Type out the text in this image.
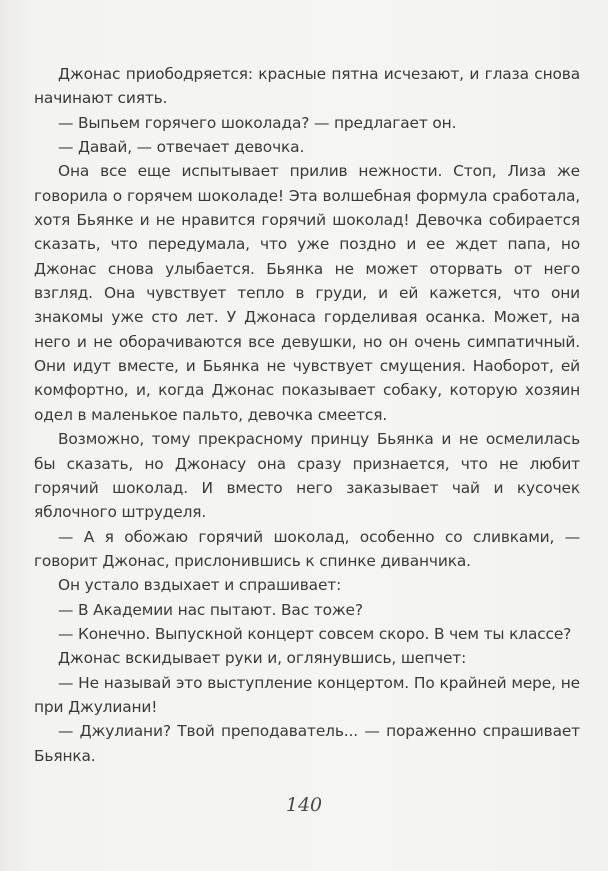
Джонас приободряется: красные пятна исчезают, и глаза снова начинают сиять.

— Выпьем горячего шоколада? — предлагает он.

— Давай, — отвечает девочка.

Она все еще испытывает прилив нежности. Стоп, Лиза же говорила о горячем шоколаде! Эта волшебная формула сработала, хотя Бьянке и не нравится горячий шоколад! Девочка собирается сказать, что передумала, что уже поздно и ее ждет папа, но Джонас снова улыбается. Бьянка не может оторвать от него взгляд. Она чувствует тепло в груди, и ей кажется, что они знакомы уже сто лет. У Джонаса горделивая осанка. Может, на него и не оборачиваются все девушки, но он очень симпатичный. Они идут вместе, и Бьянка не чувствует смущения. Наоборот, ей комфортно, и, когда Джонас показывает собаку, которую хозяин одел в маленькое пальто, девочка смеется.

Возможно, тому прекрасному принцу Бьянка и не осмелилась бы сказать, но Джонасу она сразу признается, что не любит горячий шоколад. И вместо него заказывает чай и кусочек яблочного штруделя.

— А я обожаю горячий шоколад, особенно со сливками, — говорит Джонас, прислонившись к спинке диванчика.

Он устало вздыхает и спрашивает:

— В Академии нас пытают. Вас тоже?

— Конечно. Выпускной концерт совсем скоро. В чем ты классе?

Джонас вскидывает руки и, оглянувшись, шепчет:

— Не называй это выступление концертом. По крайней мере, не при Джулиани!

— Джулиани? Твой преподаватель... — пораженно спрашивает Бьянка.

140
